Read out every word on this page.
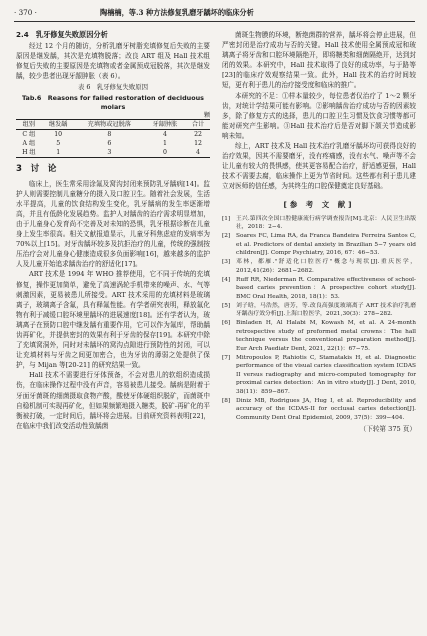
· 370 ·	陶楠楠，等.3 种方法修复乳磨牙龋坏的临床分析
2.4　乳牙修复失败原因分析

经过 12 个月的随访，分析乳磨牙树脂充填修复后失败的主要原因是继发龋，其次是充填物脱落；改良 ART 组及 Hall 技术组修复后失败的主要原因是充填物或者金属预成冠脱落，其次是继发龋，较少患者出现牙龈肿胀（表 6）。

表 6　乳牙修复失败原因
Tab.6　Reasons for failed restoration of deciduous molars
颗
组别	继发龋	充填物或冠脱落	牙龈肿胀	合计
C 组	10	8	4	22
A 组	5	6	1	12
H 组	1	3	0	4
3　讨　论

临床上，医生常采用涂氟及窝沟封闭来预防乳牙龋病[14]。监护人则需要控制儿童糖分的摄入及口腔卫生。随着社会发展，生活水平提高，儿童的饮食结构发生变化，乳牙龋病的发生率逐渐增高，并且有低龄化发展趋势。监护人对龋齿的治疗需求明显增加，由于儿童身心发育尚不完善及对未知的恐惧，乳牙根据诊断在儿童身上发生率很高。相关文献报道显示，儿童牙科焦虑症的发病率为 70%以上[15]。对牙齿龋坏较多及抗拒治疗的儿童，传统的强制按压治疗会对儿童身心健康造成很多负面影响[16]，越来越多的监护人及儿童开始追求龋齿治疗的舒适化[17]。

ART 技术是 1994 年 WHO 推荐使用，它不同于传统的充填修复，操作更加简单，避免了高速涡轮手机带来的噪声、水、气等刺激因素，更易被患儿所接受。ART 技术采用的充填材料是玻璃离子，玻璃离子含氟，具有释氟性能。有学者研究表明，释放氟化物有利于减缓口腔环境里龋坏的进展速度[18]。还有学者认为，玻璃离子在预防口腔中继发龋有重要作用，它可以作为氟库，帮助龋齿再矿化，并提供密封的效果有利于牙齿的保存[19]。本研究中除了充填窝洞外，同时对未龋坏的窝沟点隙进行预防性的封闭，可以让充填材料与牙齿之间更加密合，也为牙齿的薄弱之处提供了保护，与 Mijan 等[20-21] 的研究结果一致。

Hall 技术不需要进行牙体预备，不会对患儿的软组织造成损伤，在临床操作过程中没有声音，容易被患儿接受。龋病是附着于牙面牙菌斑的细菌摄取食物产酸，酸使牙体硬组织脱矿，而菌斑中自稳机制可实现再矿化，但如果频繁地摄入糖类，脱矿-再矿化的平衡被打破，一定时间后，龋坏将会进展。目前研究资料表明[22]，在临床中我们改变活动性致龋菌

菌斑生物膜的环境，断绝菌群的营养，龋坏将会停止进展，但严密封闭是治疗成功与否的关键。Hall 技术使用全属预成冠和玻璃离子将牙齿和口腔环境隔绝开，即将糖类和细菌隔绝开，达到封闭的效果。本研究中，Hall 技术取得了良好的成功率，与于路等[23]的临床疗效观察结果一致。此外，Hall 技术的治疗时间较短，更有利于患儿的治疗接受度和临床的推广。

本研究的不足：①样本量较少，每位患者仅治疗了 1～2 颗牙齿，对统计学结果可能有影响。②影响龋齿治疗成功与否的因素较多，除了修复方式的选择，患儿的口腔卫生习惯及饮食习惯等都可能对研究产生影响。③Hall 技术治疗后是否对脚下颌关节造成影响未知。

综上，ART 技术及 Hall 技术治疗乳磨牙龋坏均可获得良好的治疗效果，因其不需要磨牙，没有疼痛感，没有水气、噪声等不会让儿童有较大的畏惧感，使其更容易配合治疗，舒适感更强，Hall 技术不需要去腐，临床操作上更为节省时间。这些都有利于患儿建立对医师的信任感，为其终生的口腔保健奠定良好基础。

[参 考 文 献]
[1] 王兴.第四次全国口腔健康流行病学调查报告[M].北京：人民卫生出版社，2018：2−4.
[2] Soares FC, Lima RA, da Franca Bandeira Ferreira Santos C, et al. Predictors of dental anxiety in Brazilian 5−7 years old children[J]. Compr Psychiatry, 2016, 67：46−53.
[3] 邓林，都雁."舒适化口腔医疗"概念与现状[J].重庆医学，2012,41(26)：2681−2682.
[4] Ruff RR, Niederman R. Comparative effectiveness of school-based caries prevention：A prospective cohort study[J]. BMC Oral Health, 2018, 18(1)：53.
[5] 刘子晗，马浩然，唐芳，等.改良高强度玻璃离子 ART 技术治疗乳磨牙龋齿疗效分析[J].上海口腔医学，2021,30(3)：278−282.
[6] Binladen H, Al Halabi M, Kowash M, et al. A 24-month retrospective study of preformed metal crowns：The hall technique versus the conventional preparation method[J]. Eur Arch Paediatr Dent, 2021, 22(1)：67−75.
[7] Mitropoulos P, Rahiotis C, Stamatakis H, et al. Diagnostic performance of the visual caries classification system ICDAS II versus radiography and micro-computed tomography for proximal caries detection：An in vitro study[J]. J Dent, 2010, 38(11)：859−867.
[8] Diniz MB, Rodrigues JA, Hug I, et al. Reproducibility and accuracy of the ICDAS-II for occlusal caries detection[J]. Community Dent Oral Epidemiol, 2009, 37(5)：399−404.
（下转第 375 页）
